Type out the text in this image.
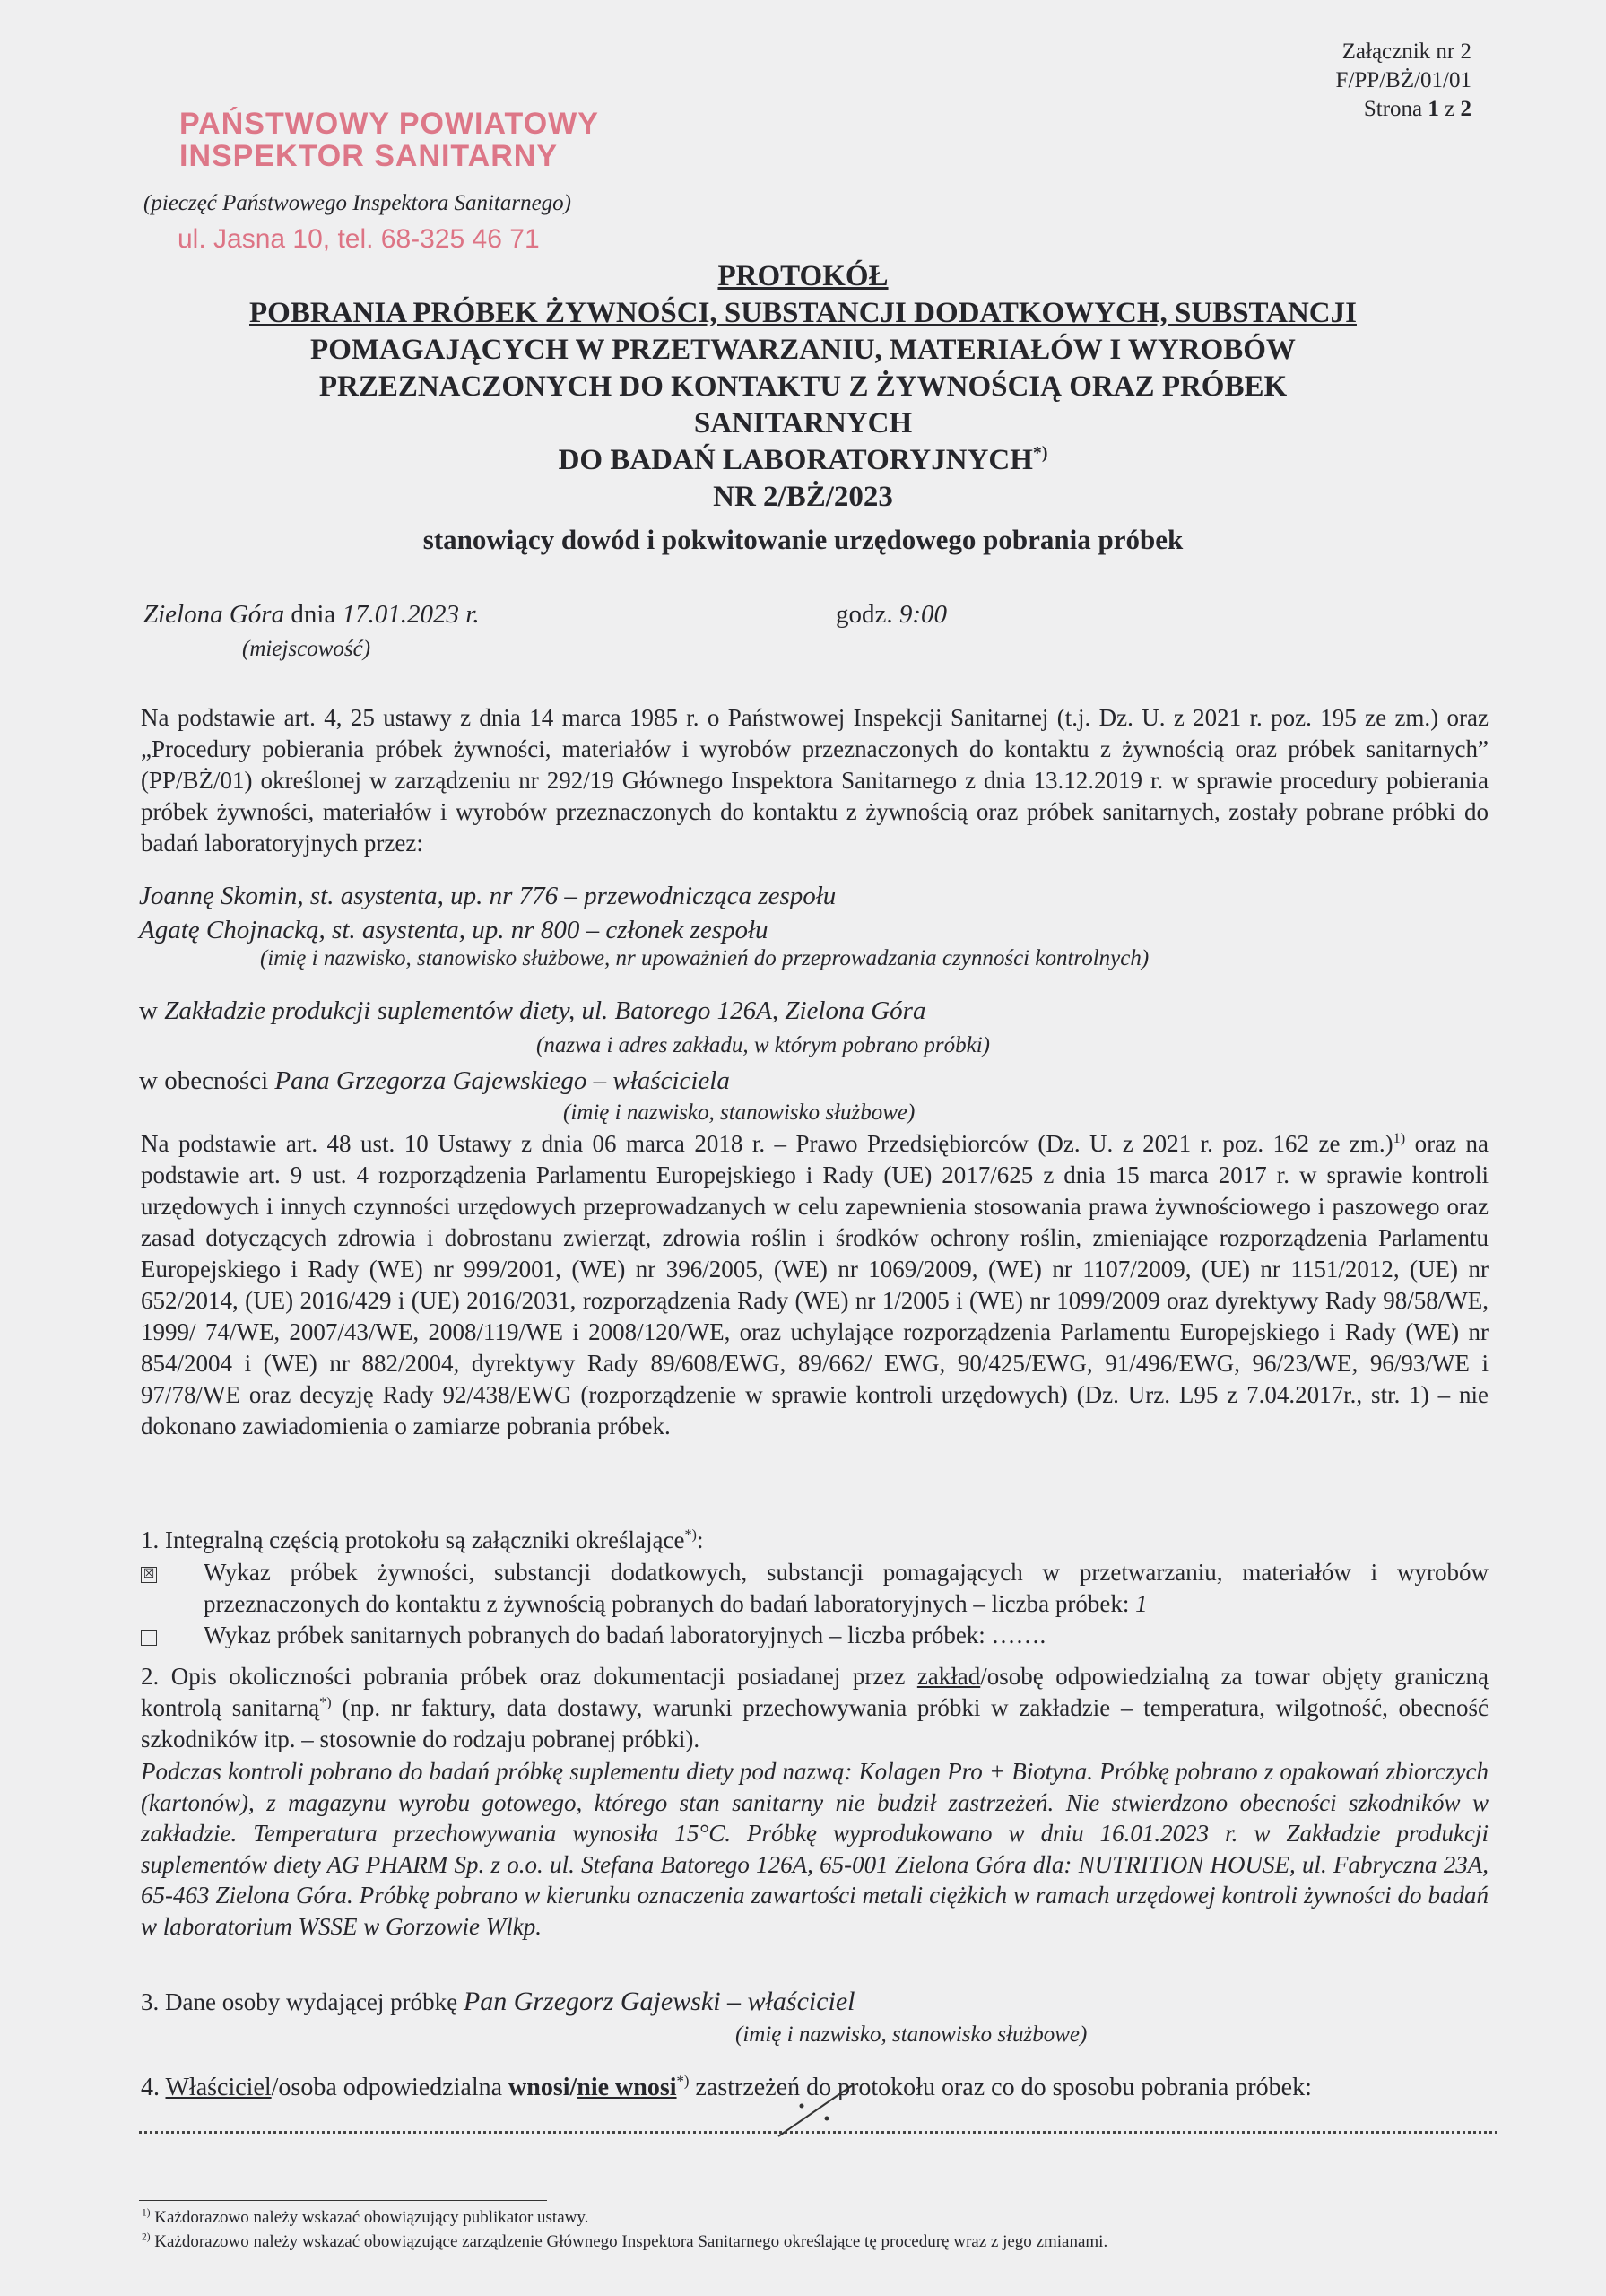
Załącznik nr 2
F/PP/BŻ/01/01
Strona 1 z 2
PAŃSTWOWY POWIATOWY
INSPEKTOR SANITARNY
(pieczęć Państwowego Inspektora Sanitarnego)
ul. Jasna 10, tel. 68-325 46 71
PROTOKÓŁ
POBRANIA PRÓBEK ŻYWNOŚCI, SUBSTANCJI DODATKOWYCH, SUBSTANCJI
POMAGAJĄCYCH W PRZETWARZANIU, MATERIAŁÓW I WYROBÓW
PRZEZNACZONYCH DO KONTAKTU Z ŻYWNOŚCIĄ ORAZ PRÓBEK
SANITARNYCH
DO BADAŃ LABORATORYJNYCH*)
NR 2/BŻ/2023
stanowiący dowód i pokwitowanie urzędowego pobrania próbek
Zielona Góra dnia 17.01.2023 r.	godz. 9:00
(miejscowość)
Na podstawie art. 4, 25 ustawy z dnia 14 marca 1985 r. o Państwowej Inspekcji Sanitarnej (t.j. Dz. U. z 2021 r. poz. 195 ze zm.) oraz „Procedury pobierania próbek żywności, materiałów i wyrobów przeznaczonych do kontaktu z żywnością oraz próbek sanitarnych” (PP/BŻ/01) określonej w zarządzeniu nr 292/19 Głównego Inspektora Sanitarnego z dnia 13.12.2019 r. w sprawie procedury pobierania próbek żywności, materiałów i wyrobów przeznaczonych do kontaktu z żywnością oraz próbek sanitarnych, zostały pobrane próbki do badań laboratoryjnych przez:
Joannę Skomin, st. asystenta, up. nr 776 – przewodnicząca zespołu
Agatę Chojnacką, st. asystenta, up. nr 800 – członek zespołu
(imię i nazwisko, stanowisko służbowe, nr upoważnień do przeprowadzania czynności kontrolnych)
w Zakładzie produkcji suplementów diety, ul. Batorego 126A, Zielona Góra
(nazwa i adres zakładu, w którym pobrano próbki)
w obecności Pana Grzegorza Gajewskiego – właściciela
(imię i nazwisko, stanowisko służbowe)
Na podstawie art. 48 ust. 10 Ustawy z dnia 06 marca 2018 r. – Prawo Przedsiębiorców (Dz. U. z 2021 r. poz. 162 ze zm.)$^{1)}$ oraz na podstawie art. 9 ust. 4 rozporządzenia Parlamentu Europejskiego i Rady (UE) 2017/625 z dnia 15 marca 2017 r. w sprawie kontroli urzędowych i innych czynności urzędowych przeprowadzanych w celu zapewnienia stosowania prawa żywnościowego i paszowego oraz zasad dotyczących zdrowia i dobrostanu zwierząt, zdrowia roślin i środków ochrony roślin, zmieniające rozporządzenia Parlamentu Europejskiego i Rady (WE) nr 999/2001, (WE) nr 396/2005, (WE) nr 1069/2009, (WE) nr 1107/2009, (UE) nr 1151/2012, (UE) nr 652/2014, (UE) 2016/429 i (UE) 2016/2031, rozporządzenia Rady (WE) nr 1/2005 i (WE) nr 1099/2009 oraz dyrektywy Rady 98/58/WE, 1999/ 74/WE, 2007/43/WE, 2008/119/WE i 2008/120/WE, oraz uchylające rozporządzenia Parlamentu Europejskiego i Rady (WE) nr 854/2004 i (WE) nr 882/2004, dyrektywy Rady 89/608/EWG, 89/662/ EWG, 90/425/EWG, 91/496/EWG, 96/23/WE, 96/93/WE i 97/78/WE oraz decyzję Rady 92/438/EWG (rozporządzenie w sprawie kontroli urzędowych) (Dz. Urz. L95 z 7.04.2017r., str. 1) – nie dokonano zawiadomienia o zamiarze pobrania próbek.
1. Integralną częścią protokołu są załączniki określające*):
☒	Wykaz próbek żywności, substancji dodatkowych, substancji pomagających w przetwarzaniu, materiałów i wyrobów przeznaczonych do kontaktu z żywnością pobranych do badań laboratoryjnych – liczba próbek: 1
Wykaz próbek sanitarnych pobranych do badań laboratoryjnych – liczba próbek: …….
2. Opis okoliczności pobrania próbek oraz dokumentacji posiadanej przez zakład/osobę odpowiedzialną za towar objęty graniczną kontrolą sanitarną*) (np. nr faktury, data dostawy, warunki przechowywania próbki w zakładzie – temperatura, wilgotność, obecność szkodników itp. – stosownie do rodzaju pobranej próbki).
Podczas kontroli pobrano do badań próbkę suplementu diety pod nazwą: Kolagen Pro + Biotyna. Próbkę pobrano z opakowań zbiorczych (kartonów), z magazynu wyrobu gotowego, którego stan sanitarny nie budził zastrzeżeń. Nie stwierdzono obecności szkodników w zakładzie. Temperatura przechowywania wynosiła 15°C. Próbkę wyprodukowano w dniu 16.01.2023 r. w Zakładzie produkcji suplementów diety AG PHARM Sp. z o.o. ul. Stefana Batorego 126A, 65-001 Zielona Góra dla: NUTRITION HOUSE, ul. Fabryczna 23A, 65-463 Zielona Góra. Próbkę pobrano w kierunku oznaczenia zawartości metali ciężkich w ramach urzędowej kontroli żywności do badań w laboratorium WSSE w Gorzowie Wlkp.
3. Dane osoby wydającej próbkę Pan Grzegorz Gajewski – właściciel
(imię i nazwisko, stanowisko służbowe)
4. Właściciel/osoba odpowiedzialna wnosi/nie wnosi*) zastrzeżeń do protokołu oraz co do sposobu pobrania próbek:
$^{1)}$ Każdorazowo należy wskazać obowiązujący publikator ustawy.
$^{2)}$ Każdorazowo należy wskazać obowiązujące zarządzenie Głównego Inspektora Sanitarnego określające tę procedurę wraz z jego zmianami.
